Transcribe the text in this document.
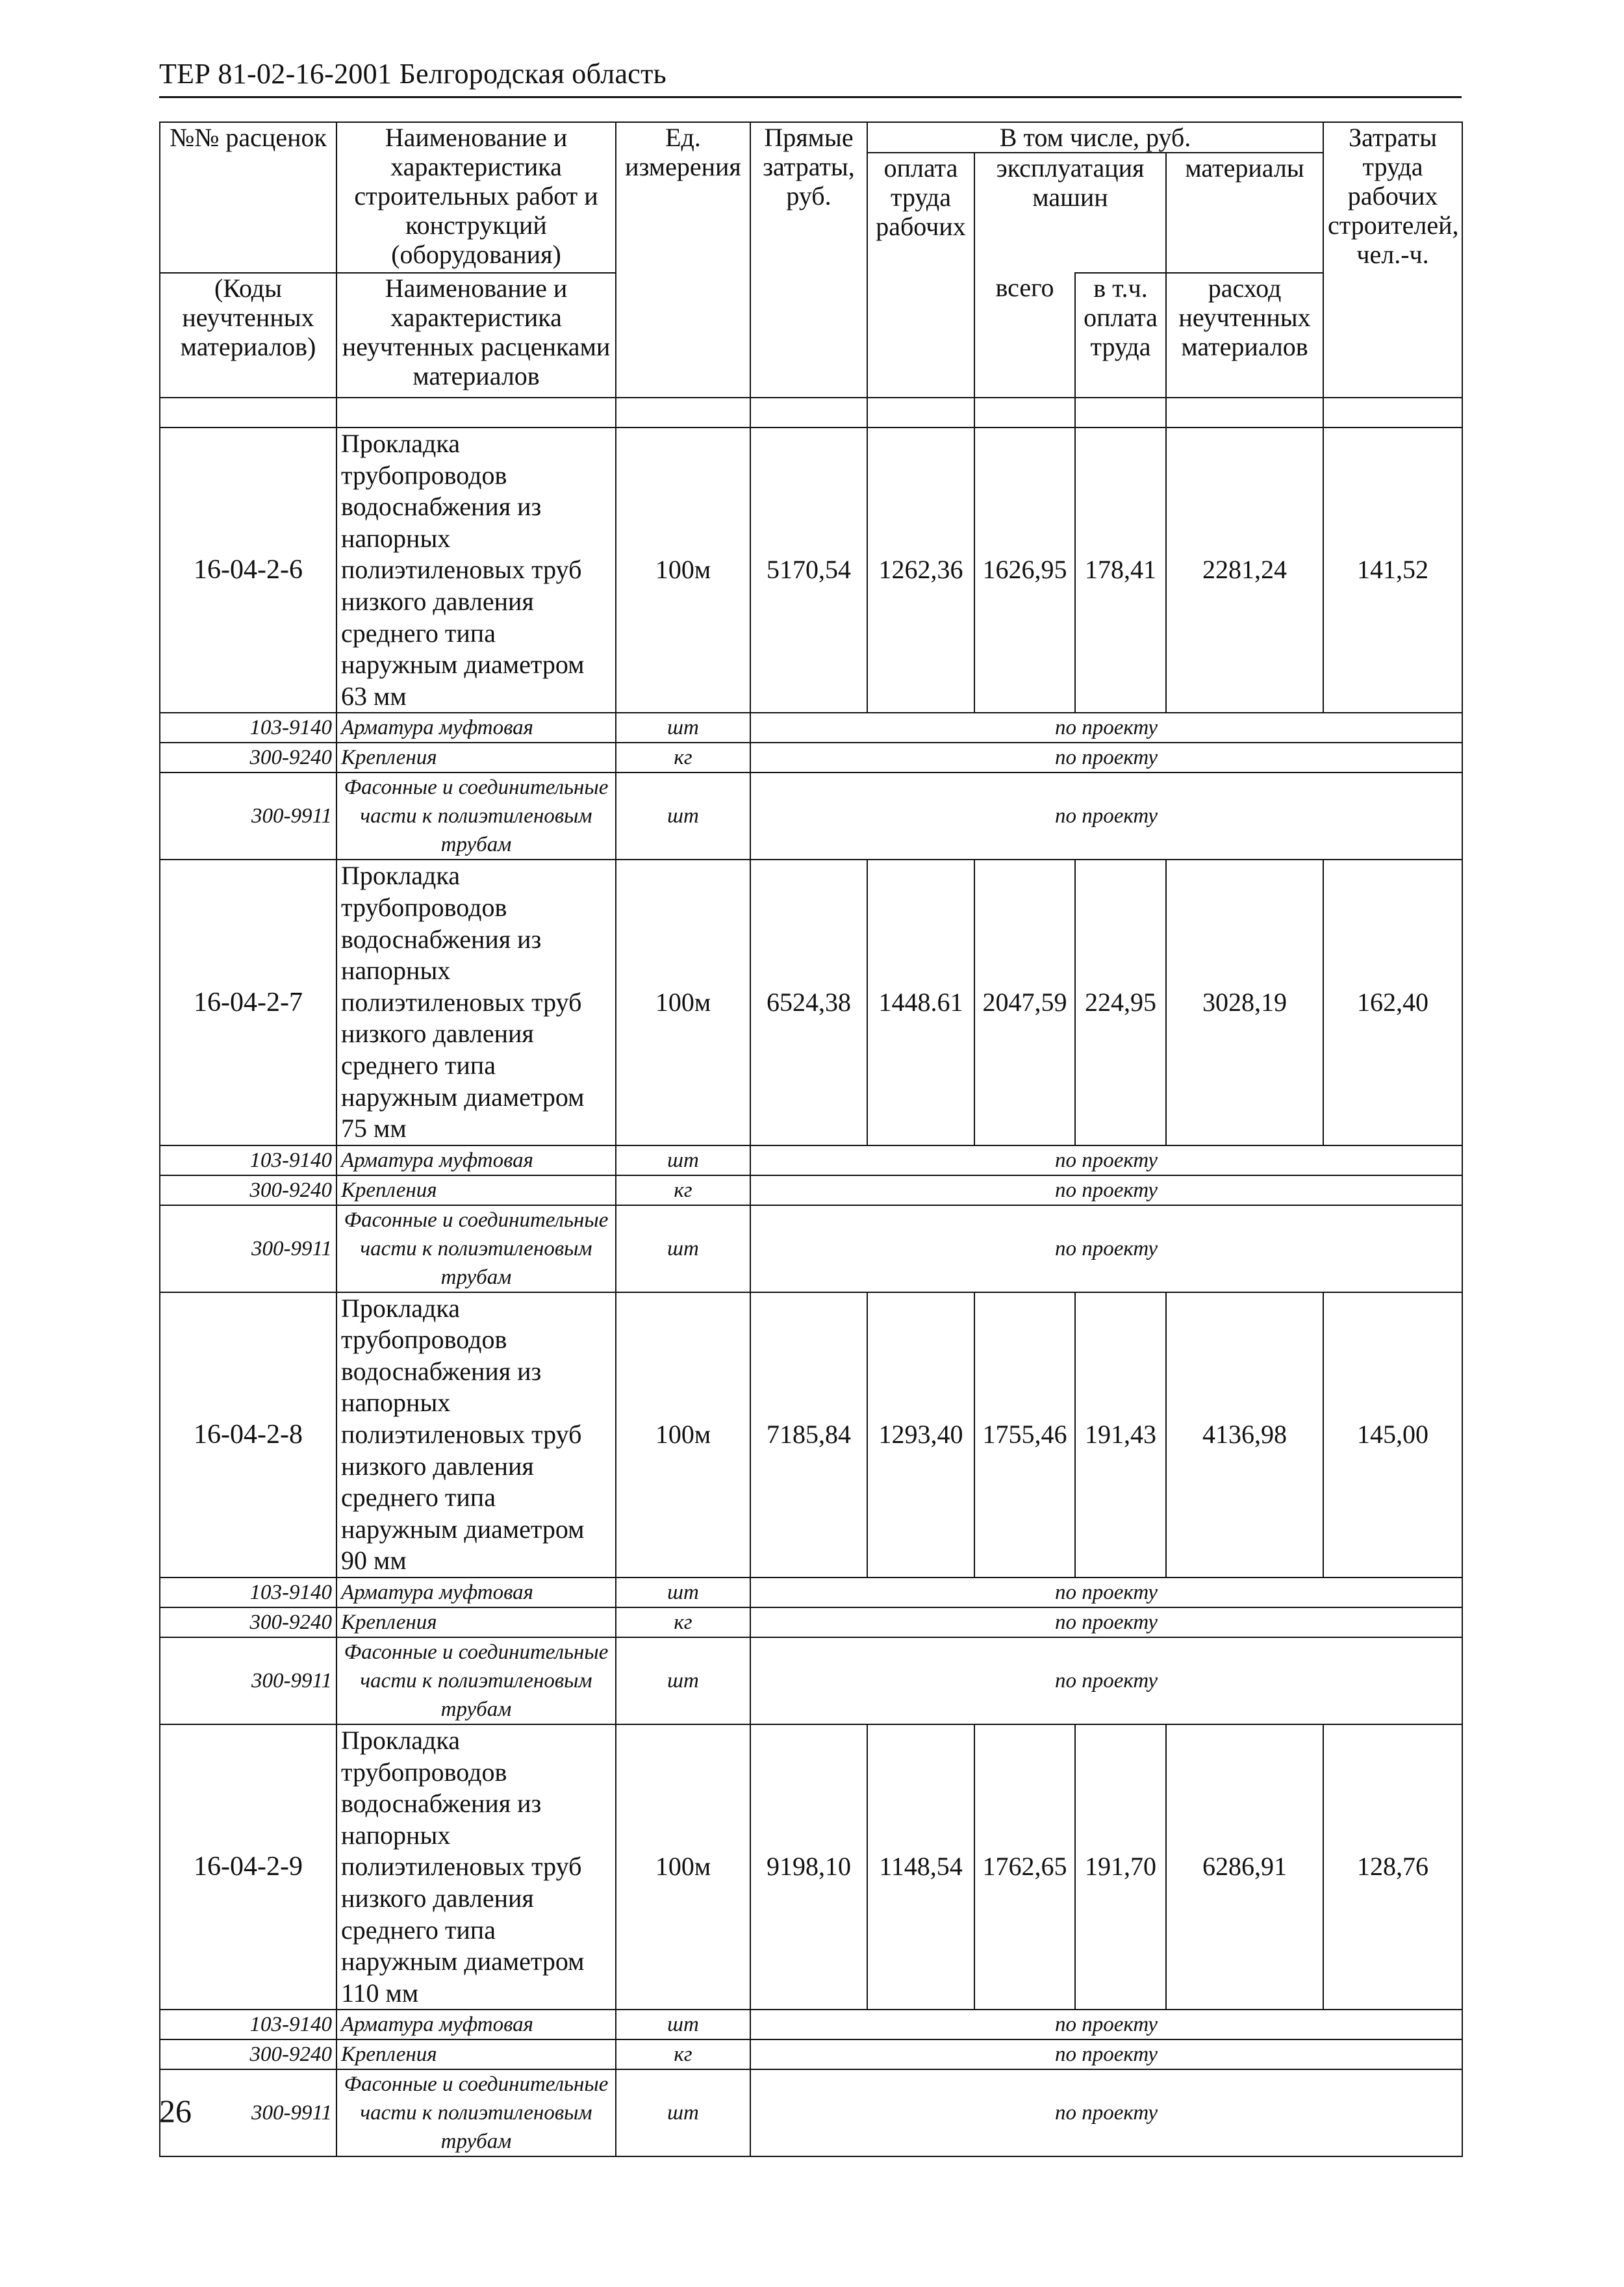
ТЕР 81-02-16-2001 Белгородская область
№№ расценок	Наименование и характеристика строительных работ и конструкций (оборудования)	Ед. измерения	Прямые затраты, руб.	В том числе, руб.				Затраты труда рабочих строителей, чел.-ч.
				оплата труда рабочих	эксплуатация машин		материалы	

(Коды неучтенных материалов)	Наименование и характеристика неучтенных расценками материалов				всего	в т.ч. оплата труда	расход неучтенных материалов	

16-04-2-6	Прокладка трубопроводов водоснабжения из напорных полиэтиленовых труб низкого давления среднего типа наружным диаметром 63 мм	100м	5170,54	1262,36	1626,95	178,41	2281,24	141,52
103-9140	Арматура муфтовая	шт	по проекту					
300-9240	Крепления	кг	по проекту					
300-9911	Фасонные и соединительные части к полиэтиленовым трубам	шт	по проекту					
16-04-2-7	Прокладка трубопроводов водоснабжения из напорных полиэтиленовых труб низкого давления среднего типа наружным диаметром 75 мм	100м	6524,38	1448.61	2047,59	224,95	3028,19	162,40
103-9140	Арматура муфтовая	шт	по проекту					
300-9240	Крепления	кг	по проекту					
300-9911	Фасонные и соединительные части к полиэтиленовым трубам	шт	по проекту					
16-04-2-8	Прокладка трубопроводов водоснабжения из напорных полиэтиленовых труб низкого давления среднего типа наружным диаметром 90 мм	100м	7185,84	1293,40	1755,46	191,43	4136,98	145,00
103-9140	Арматура муфтовая	шт	по проекту					
300-9240	Крепления	кг	по проекту					
300-9911	Фасонные и соединительные части к полиэтиленовым трубам	шт	по проекту					
16-04-2-9	Прокладка трубопроводов водоснабжения из напорных полиэтиленовых труб низкого давления среднего типа наружным диаметром 110 мм	100м	9198,10	1148,54	1762,65	191,70	6286,91	128,76
103-9140	Арматура муфтовая	шт	по проекту					
300-9240	Крепления	кг	по проекту					
300-9911	Фасонные и соединительные части к полиэтиленовым трубам	шт	по проекту					
26
